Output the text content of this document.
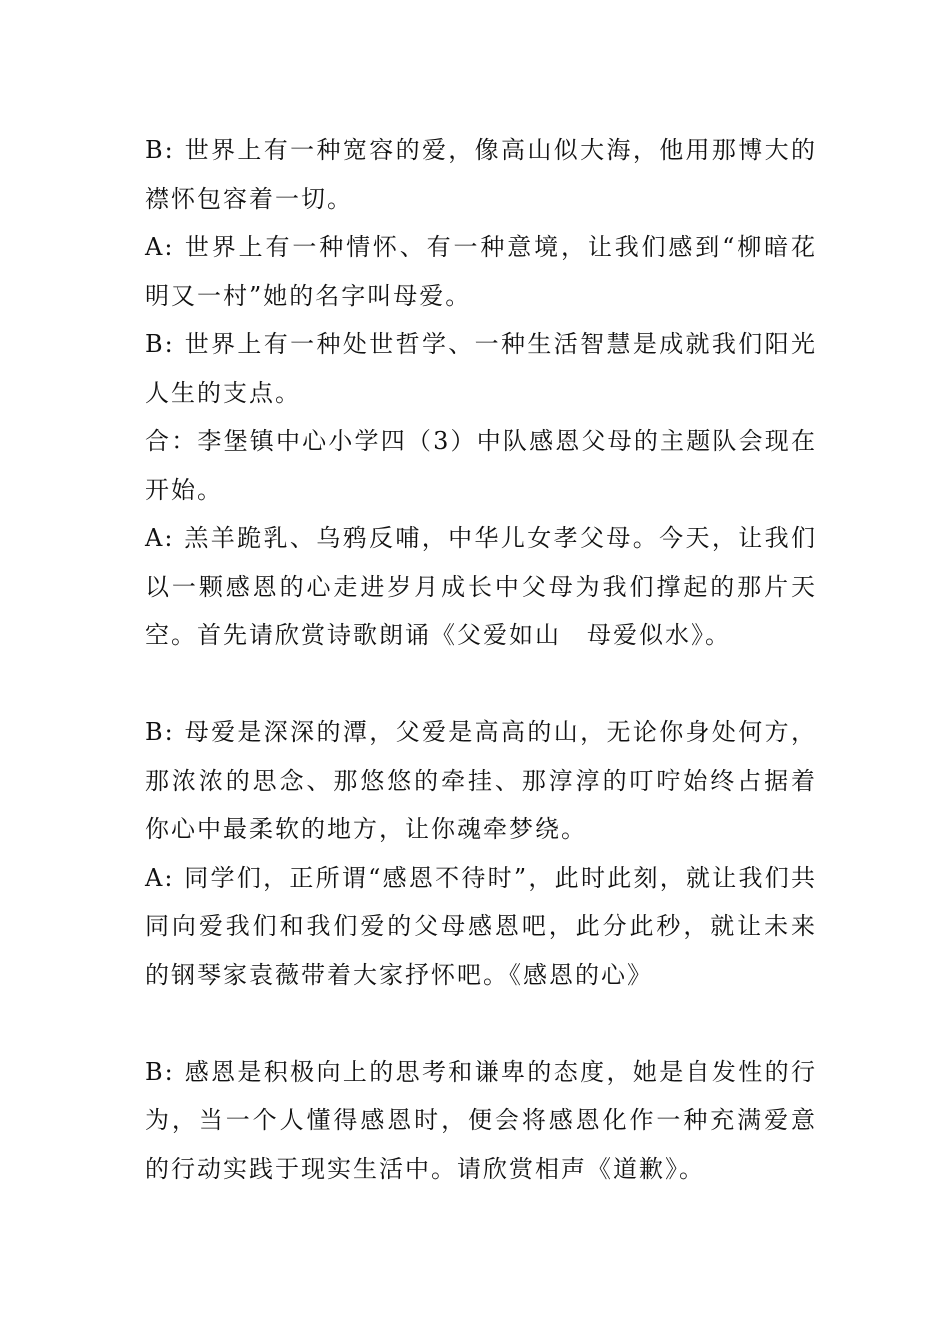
B: 世界上有一种宽容的爱，像高山似大海，他用那博大的襟怀包容着一切。

A: 世界上有一种情怀、有一种意境，让我们感到“柳暗花明又一村”她的名字叫母爱。

B: 世界上有一种处世哲学、一种生活智慧是成就我们阳光人生的支点。

合：李堡镇中心小学四（3）中队感恩父母的主题队会现在开始。

A: 羔羊跪乳、乌鸦反哺，中华儿女孝父母。今天，让我们以一颗感恩的心走进岁月成长中父母为我们撑起的那片天空。首先请欣赏诗歌朗诵《父爱如山　母爱似水》。

B: 母爱是深深的潭，父爱是高高的山，无论你身处何方，那浓浓的思念、那悠悠的牵挂、那淳淳的叮咛始终占据着你心中最柔软的地方，让你魂牵梦绕。

A: 同学们，正所谓“感恩不待时”，此时此刻，就让我们共同向爱我们和我们爱的父母感恩吧，此分此秒，就让未来的钢琴家袁薇带着大家抒怀吧。《感恩的心》

B: 感恩是积极向上的思考和谦卑的态度，她是自发性的行为，当一个人懂得感恩时，便会将感恩化作一种充满爱意的行动实践于现实生活中。请欣赏相声《道歉》。
